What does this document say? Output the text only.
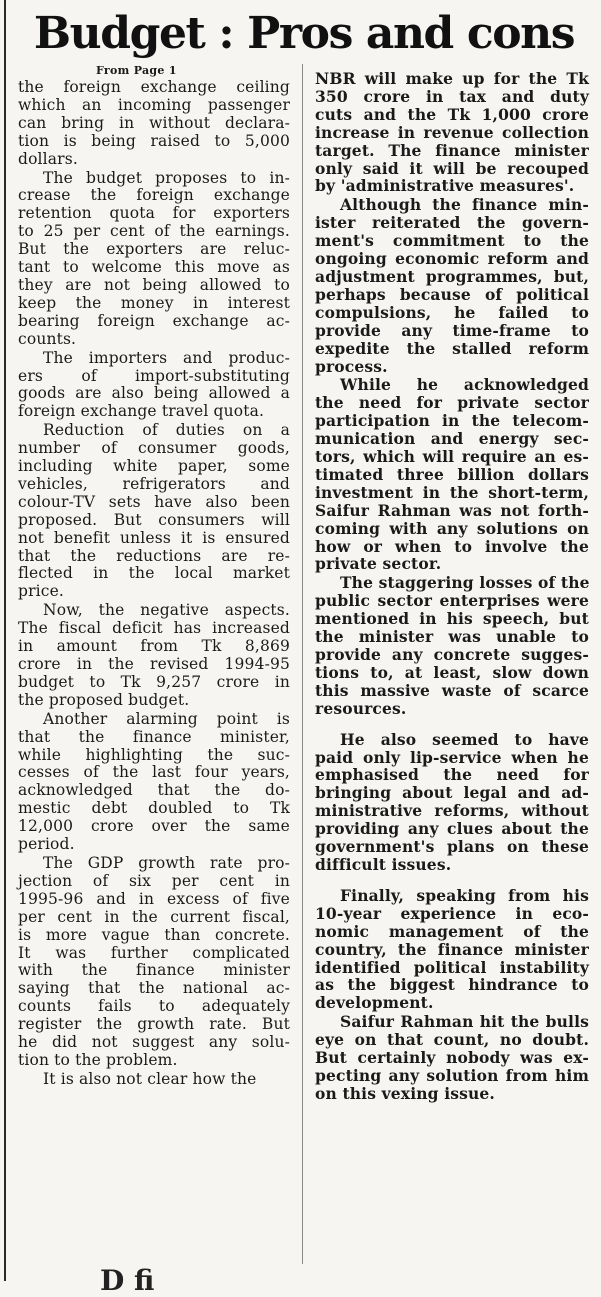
Budget : Pros and cons
From Page 1
the foreign exchange ceiling
which an incoming passenger
can bring in without declara-
tion is being raised to 5,000
dollars.
The budget proposes to in-
crease the foreign exchange
retention quota for exporters
to 25 per cent of the earnings.
But the exporters are reluc-
tant to welcome this move as
they are not being allowed to
keep the money in interest
bearing foreign exchange ac-
counts.
The importers and produc-
ers of import-substituting
goods are also being allowed a
foreign exchange travel quota.
Reduction of duties on a
number of consumer goods,
including white paper, some
vehicles, refrigerators and
colour-TV sets have also been
proposed. But consumers will
not benefit unless it is ensured
that the reductions are re-
flected in the local market
price.
Now, the negative aspects.
The fiscal deficit has increased
in amount from Tk 8,869
crore in the revised 1994-95
budget to Tk 9,257 crore in
the proposed budget.
Another alarming point is
that the finance minister,
while highlighting the suc-
cesses of the last four years,
acknowledged that the do-
mestic debt doubled to Tk
12,000 crore over the same
period.
The GDP growth rate pro-
jection of six per cent in
1995-96 and in excess of five
per cent in the current fiscal,
is more vague than concrete.
It was further complicated
with the finance minister
saying that the national ac-
counts fails to adequately
register the growth rate. But
he did not suggest any solu-
tion to the problem.
It is also not clear how the
NBR will make up for the Tk
350 crore in tax and duty
cuts and the Tk 1,000 crore
increase in revenue collection
target. The finance minister
only said it will be recouped
by 'administrative measures'.
Although the finance min-
ister reiterated the govern-
ment's commitment to the
ongoing economic reform and
adjustment programmes, but,
perhaps because of political
compulsions, he failed to
provide any time-frame to
expedite the stalled reform
process.
While he acknowledged
the need for private sector
participation in the telecom-
munication and energy sec-
tors, which will require an es-
timated three billion dollars
investment in the short-term,
Saifur Rahman was not forth-
coming with any solutions on
how or when to involve the
private sector.
The staggering losses of the
public sector enterprises were
mentioned in his speech, but
the minister was unable to
provide any concrete sugges-
tions to, at least, slow down
this massive waste of scarce
resources.
He also seemed to have
paid only lip-service when he
emphasised the need for
bringing about legal and ad-
ministrative reforms, without
providing any clues about the
government's plans on these
difficult issues.
Finally, speaking from his
10-year experience in eco-
nomic management of the
country, the finance minister
identified political instability
as the biggest hindrance to
development.
Saifur Rahman hit the bulls
eye on that count, no doubt.
But certainly nobody was ex-
pecting any solution from him
on this vexing issue.
D fi
